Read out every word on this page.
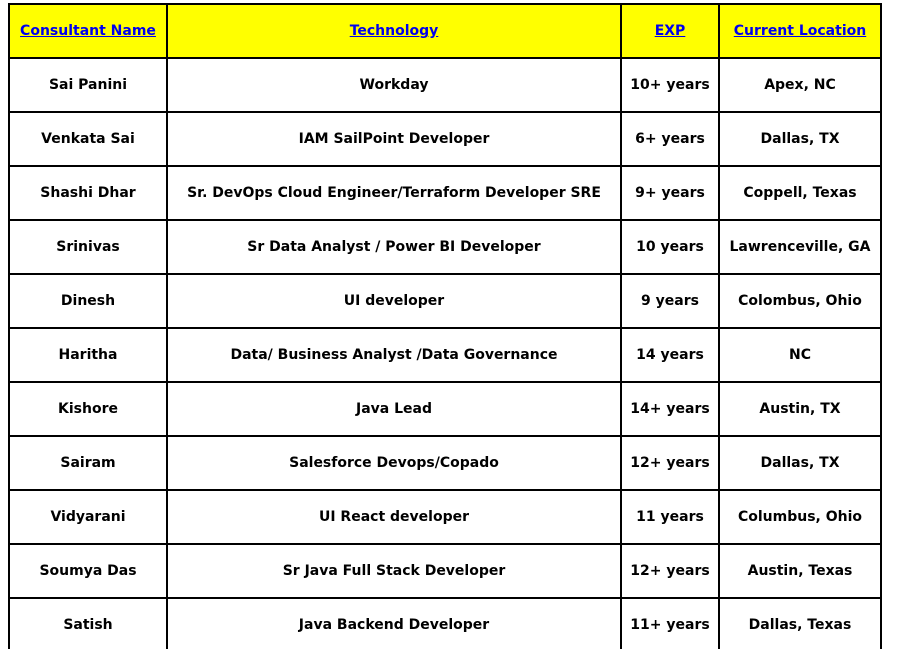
Consultant Name	Technology	EXP	Current Location
Sai Panini	Workday	10+ years	Apex, NC
Venkata Sai	IAM SailPoint Developer	6+ years	Dallas, TX
Shashi Dhar	Sr. DevOps Cloud Engineer/Terraform Developer SRE	9+ years	Coppell, Texas
Srinivas	Sr Data Analyst / Power BI Developer	10 years	Lawrenceville, GA
Dinesh	UI developer	9 years	Colombus, Ohio
Haritha	Data/ Business Analyst /Data Governance	14 years	NC
Kishore	Java Lead	14+ years	Austin, TX
Sairam	Salesforce Devops/Copado	12+ years	Dallas, TX
Vidyarani	UI React developer	11 years	Columbus, Ohio
Soumya Das	Sr Java Full Stack Developer	12+ years	Austin, Texas
Satish	Java Backend Developer	11+ years	Dallas, Texas
